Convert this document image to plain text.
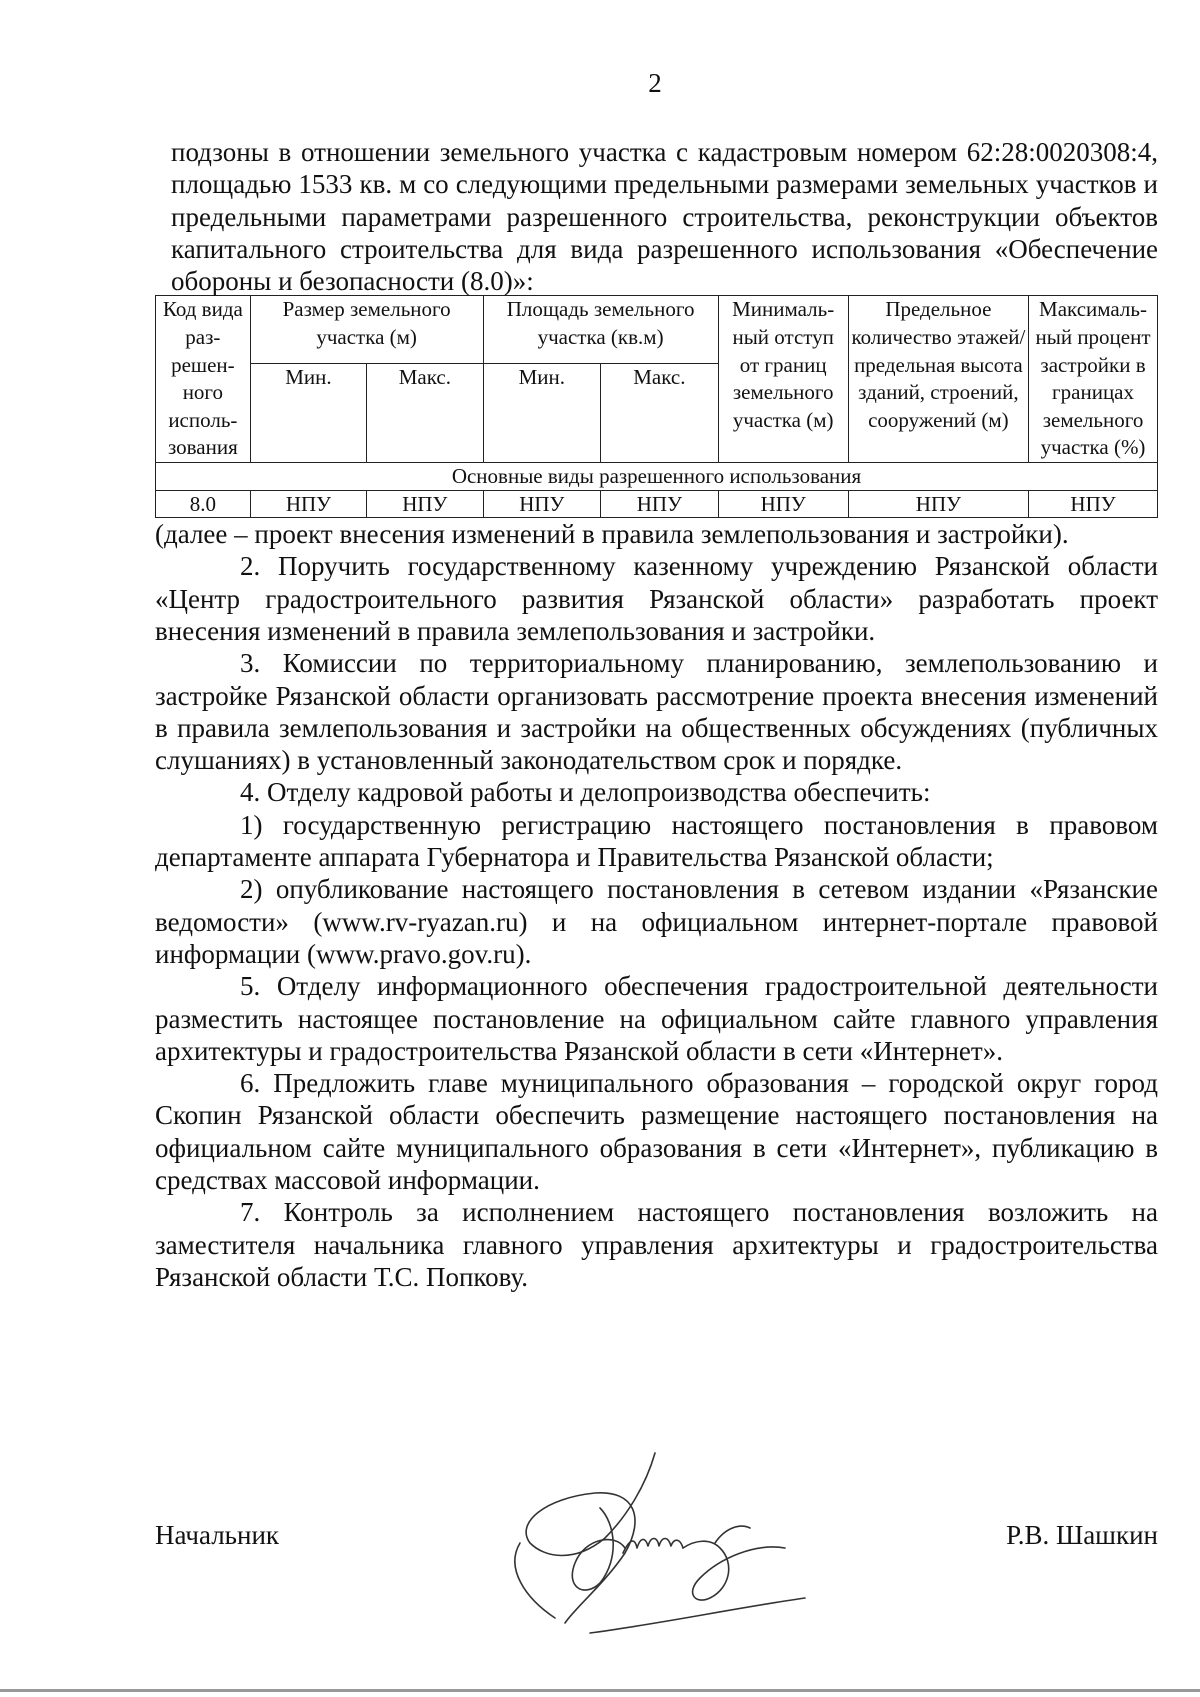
2

подзоны в отношении земельного участка с кадастровым номером 62:28:0020308:4, площадью 1533 кв. м со следующими предельными размерами земельных участков и предельными параметрами разрешенного строительства, реконструкции объектов капитального строительства для вида разрешенного использования «Обеспечение обороны и безопасности (8.0)»:

Код вида раз- решен- ного исполь- зования	Размер земельного участка (м)		Площадь земельного участка (кв.м)		Минималь- ный отступ от границ земельного участка (м)	Предельное количество этажей/ предельная высота зданий, строений, сооружений (м)	Максималь- ный процент застройки в границах земельного участка (%)
	Мин.	Макс.	Мин.	Макс.			
Основные виды разрешенного использования							
8.0	НПУ	НПУ	НПУ	НПУ	НПУ	НПУ	НПУ

(далее – проект внесения изменений в правила землепользования и застройки).

2. Поручить государственному казенному учреждению Рязанской области «Центр градостроительного развития Рязанской области» разработать проект внесения изменений в правила землепользования и застройки.

3. Комиссии по территориальному планированию, землепользованию и застройке Рязанской области организовать рассмотрение проекта внесения изменений в правила землепользования и застройки на общественных обсуждениях (публичных слушаниях) в установленный законодательством срок и порядке.

4. Отделу кадровой работы и делопроизводства обеспечить:

1) государственную регистрацию настоящего постановления в правовом департаменте аппарата Губернатора и Правительства Рязанской области;

2) опубликование настоящего постановления в сетевом издании «Рязанские ведомости» (www.rv-ryazan.ru) и на официальном интернет-портале правовой информации (www.pravo.gov.ru).

5. Отделу информационного обеспечения градостроительной деятельности разместить настоящее постановление на официальном сайте главного управления архитектуры и градостроительства Рязанской области в сети «Интернет».

6. Предложить главе муниципального образования – городской округ город Скопин Рязанской области обеспечить размещение настоящего постановления на официальном сайте муниципального образования в сети «Интернет», публикацию в средствах массовой информации.

7. Контроль за исполнением настоящего постановления возложить на заместителя начальника главного управления архитектуры и градостроительства Рязанской области Т.С. Попкову.

Начальник	Р.В. Шашкин
